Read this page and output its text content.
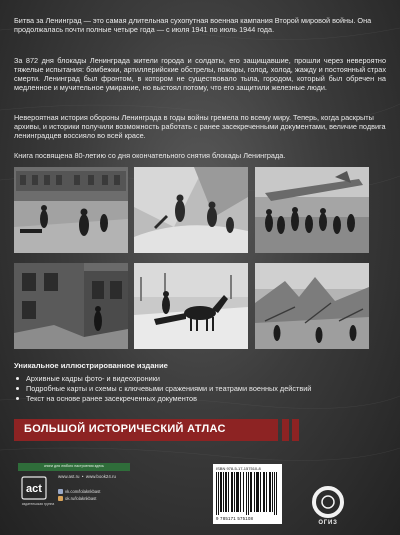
Битва за Ленинград — это самая длительная сухопутная военная кампания Второй мировой войны. Она продолжалась почти полные четыре года — с июля 1941 по июль 1944 года.

За 872 дня блокады Ленинграда жители города и солдаты, его защищавшие, прошли через невероятно тяжелые испытания: бомбежки, артиллерийские обстрелы, пожары, голод, холод, жажду и постоянный страх смерти. Ленинград был фронтом, в котором не существовало тыла, городом, который был обречен на медленное и мучительное умирание, но выстоял потому, что его защитили железные люди.

Невероятная история обороны Ленинграда в годы войны гремела по всему миру. Теперь, когда раскрыты архивы, и историки получили возможность работать с ранее засекреченными документами, величие подвига ленинградцев воссияло во всей красе.

Книга посвящена 80-летию со дня окончательного снятия блокады Ленинграда.

Уникальное иллюстрированное издание

Архивные кадры фото- и видеохроники
Подробные карты и схемы с ключевыми сражениями и театрами военных действий
Текст на основе ранее засекреченных документов
БОЛЬШОЙ ИСТОРИЧЕСКИЙ АТЛАС
книги для любого настроения здесь
act
издательская группа
www.ast.ru  •  www.book24.ru
vk.com/lolaknkbast
ok.ru/lolaknkbast
ISBN 978-5-17-157510-8
9 785171 575108
ОГИЗ
